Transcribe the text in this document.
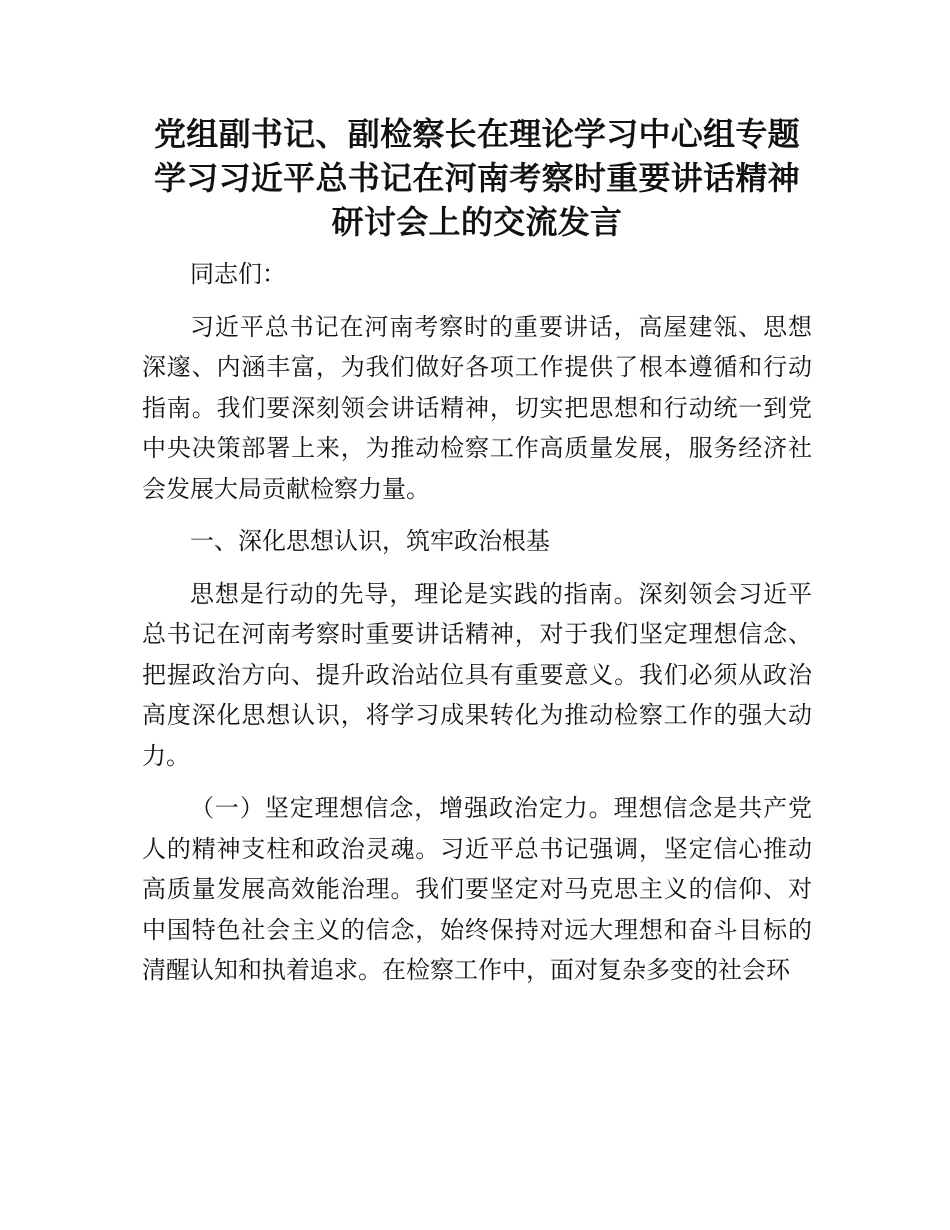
党组副书记、副检察长在理论学习中心组专题
学习习近平总书记在河南考察时重要讲话精神
研讨会上的交流发言

同志们：

习近平总书记在河南考察时的重要讲话，高屋建瓴、思想深邃、内涵丰富，为我们做好各项工作提供了根本遵循和行动指南。我们要深刻领会讲话精神，切实把思想和行动统一到党中央决策部署上来，为推动检察工作高质量发展，服务经济社会发展大局贡献检察力量。

一、深化思想认识，筑牢政治根基

思想是行动的先导，理论是实践的指南。深刻领会习近平总书记在河南考察时重要讲话精神，对于我们坚定理想信念、把握政治方向、提升政治站位具有重要意义。我们必须从政治高度深化思想认识，将学习成果转化为推动检察工作的强大动力。

（一）坚定理想信念，增强政治定力。理想信念是共产党人的精神支柱和政治灵魂。习近平总书记强调，坚定信心推动高质量发展高效能治理。我们要坚定对马克思主义的信仰、对中国特色社会主义的信念，始终保持对远大理想和奋斗目标的清醒认知和执着追求。在检察工作中，面对复杂多变的社会环
